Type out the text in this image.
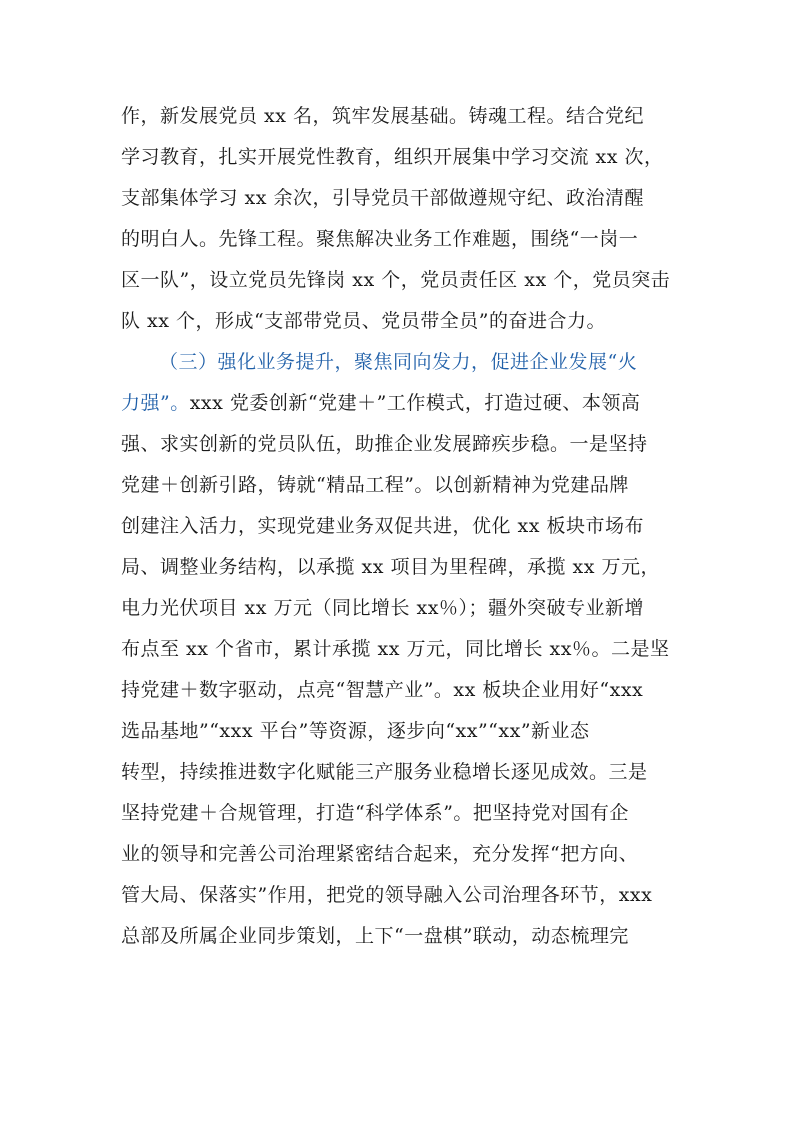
作，新发展党员 xx 名，筑牢发展基础。铸魂工程。结合党纪
学习教育，扎实开展党性教育，组织开展集中学习交流 xx 次，
支部集体学习 xx 余次，引导党员干部做遵规守纪、政治清醒
的明白人。先锋工程。聚焦解决业务工作难题，围绕“一岗一
区一队”，设立党员先锋岗 xx 个，党员责任区 xx 个，党员突击
队 xx 个，形成“支部带党员、党员带全员”的奋进合力。
（三）强化业务提升，聚焦同向发力，促进企业发展“火
力强”。xxx 党委创新“党建＋”工作模式，打造过硬、本领高
强、求实创新的党员队伍，助推企业发展蹄疾步稳。一是坚持
党建＋创新引路，铸就“精品工程”。以创新精神为党建品牌
创建注入活力，实现党建业务双促共进，优化 xx 板块市场布
局、调整业务结构，以承揽 xx 项目为里程碑，承揽 xx 万元，
电力光伏项目 xx 万元（同比增长 xx％）；疆外突破专业新增
布点至 xx 个省市，累计承揽 xx 万元，同比增长 xx％。二是坚
持党建＋数字驱动，点亮“智慧产业”。xx 板块企业用好“xxx
选品基地”“xxx 平台”等资源，逐步向“xx”“xx”新业态
转型，持续推进数字化赋能三产服务业稳增长逐见成效。三是
坚持党建＋合规管理，打造“科学体系”。把坚持党对国有企
业的领导和完善公司治理紧密结合起来，充分发挥“把方向、
管大局、保落实”作用，把党的领导融入公司治理各环节，xxx
总部及所属企业同步策划，上下“一盘棋”联动，动态梳理完
